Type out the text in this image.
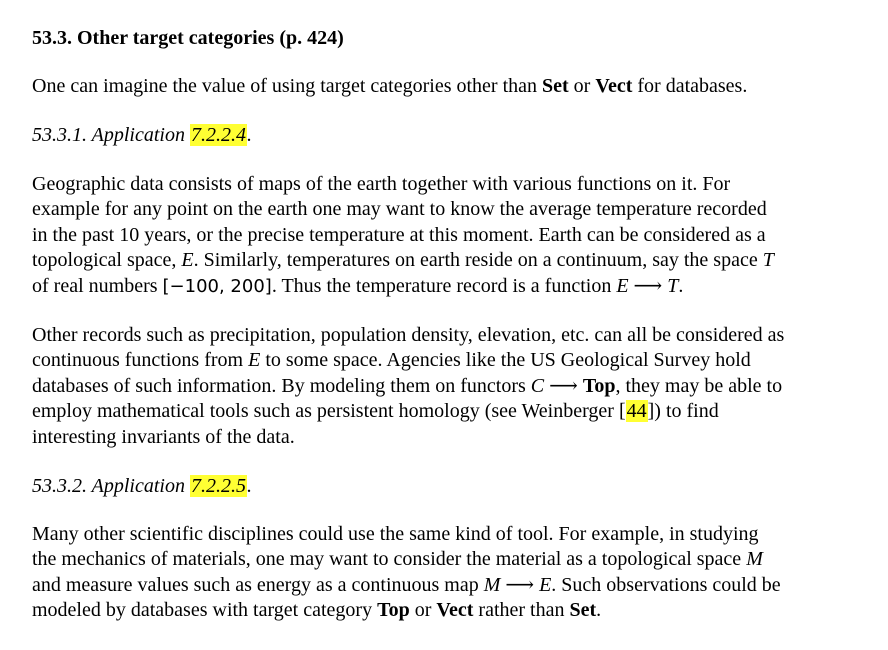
53.3. Other target categories (p. 424)

One can imagine the value of using target categories other than Set or Vect for databases.

53.3.1. Application 7.2.2.4.

Geographic data consists of maps of the earth together with various functions on it. For
example for any point on the earth one may want to know the average temperature recorded
in the past 10 years, or the precise temperature at this moment. Earth can be considered as a
topological space, E. Similarly, temperatures on earth reside on a continuum, say the space T
of real numbers [−100, 200]. Thus the temperature record is a function E ⟶ T.

Other records such as precipitation, population density, elevation, etc. can all be considered as
continuous functions from E to some space. Agencies like the US Geological Survey hold
databases of such information. By modeling them on functors C ⟶ Top, they may be able to
employ mathematical tools such as persistent homology (see Weinberger [44]) to find
interesting invariants of the data.

53.3.2. Application 7.2.2.5.

Many other scientific disciplines could use the same kind of tool. For example, in studying
the mechanics of materials, one may want to consider the material as a topological space M
and measure values such as energy as a continuous map M ⟶ E. Such observations could be
modeled by databases with target category Top or Vect rather than Set.
